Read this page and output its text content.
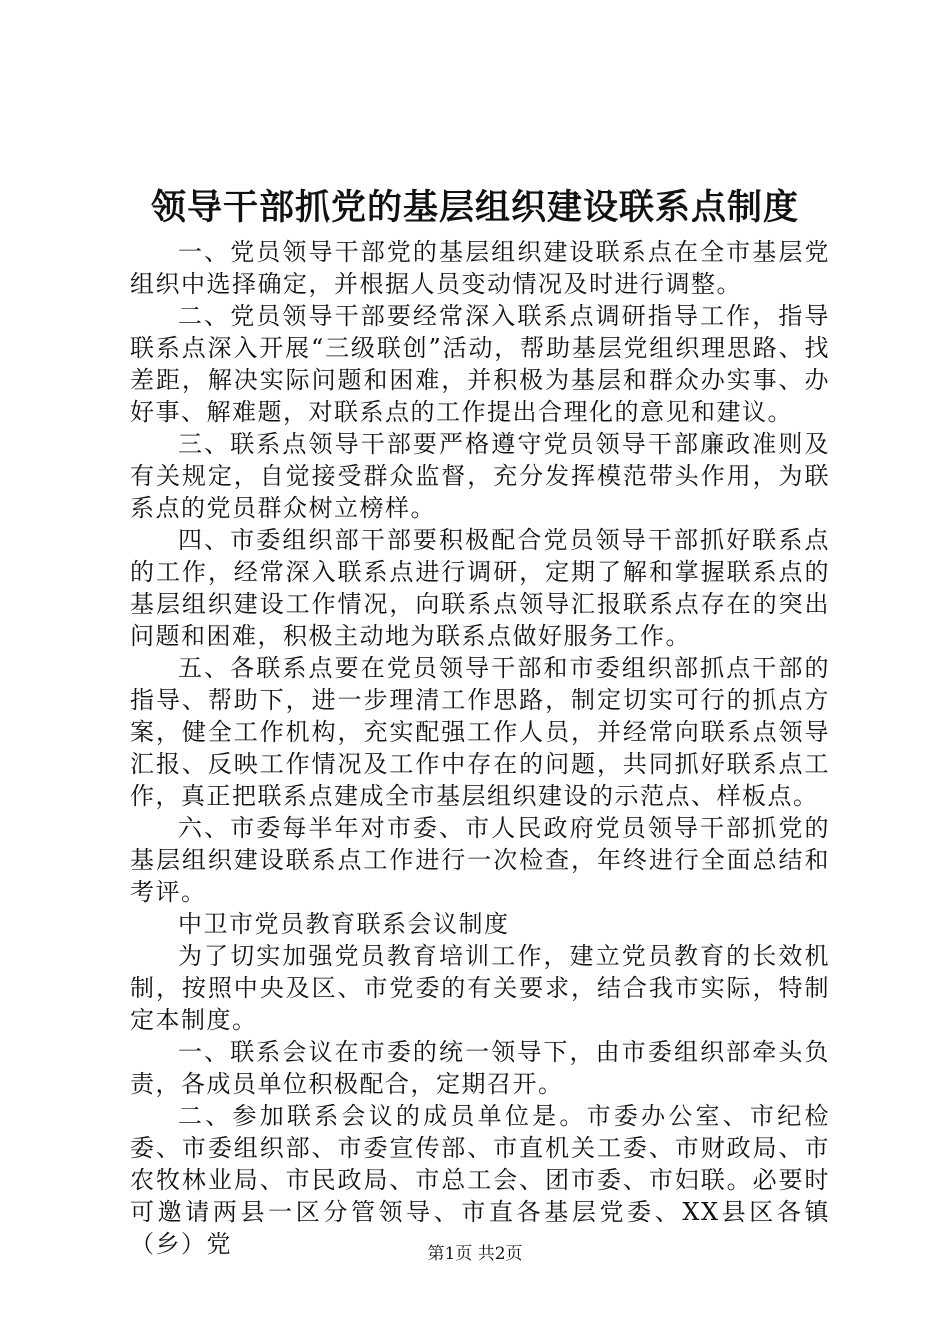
领导干部抓党的基层组织建设联系点制度

一、党员领导干部党的基层组织建设联系点在全市基层党组织中选择确定，并根据人员变动情况及时进行调整。

二、党员领导干部要经常深入联系点调研指导工作，指导联系点深入开展“三级联创”活动，帮助基层党组织理思路、找差距，解决实际问题和困难，并积极为基层和群众办实事、办好事、解难题，对联系点的工作提出合理化的意见和建议。

三、联系点领导干部要严格遵守党员领导干部廉政准则及有关规定，自觉接受群众监督，充分发挥模范带头作用，为联系点的党员群众树立榜样。

四、市委组织部干部要积极配合党员领导干部抓好联系点的工作，经常深入联系点进行调研，定期了解和掌握联系点的基层组织建设工作情况，向联系点领导汇报联系点存在的突出问题和困难，积极主动地为联系点做好服务工作。

五、各联系点要在党员领导干部和市委组织部抓点干部的指导、帮助下，进一步理清工作思路，制定切实可行的抓点方案，健全工作机构，充实配强工作人员，并经常向联系点领导汇报、反映工作情况及工作中存在的问题，共同抓好联系点工作，真正把联系点建成全市基层组织建设的示范点、样板点。

六、市委每半年对市委、市人民政府党员领导干部抓党的基层组织建设联系点工作进行一次检查，年终进行全面总结和考评。

中卫市党员教育联系会议制度

为了切实加强党员教育培训工作，建立党员教育的长效机制，按照中央及区、市党委的有关要求，结合我市实际，特制定本制度。

一、联系会议在市委的统一领导下，由市委组织部牵头负责，各成员单位积极配合，定期召开。

二、参加联系会议的成员单位是。市委办公室、市纪检委、市委组织部、市委宣传部、市直机关工委、市财政局、市农牧林业局、市民政局、市总工会、团市委、市妇联。必要时可邀请两县一区分管领导、市直各基层党委、XX县区各镇（乡）党	第1页 共2页
